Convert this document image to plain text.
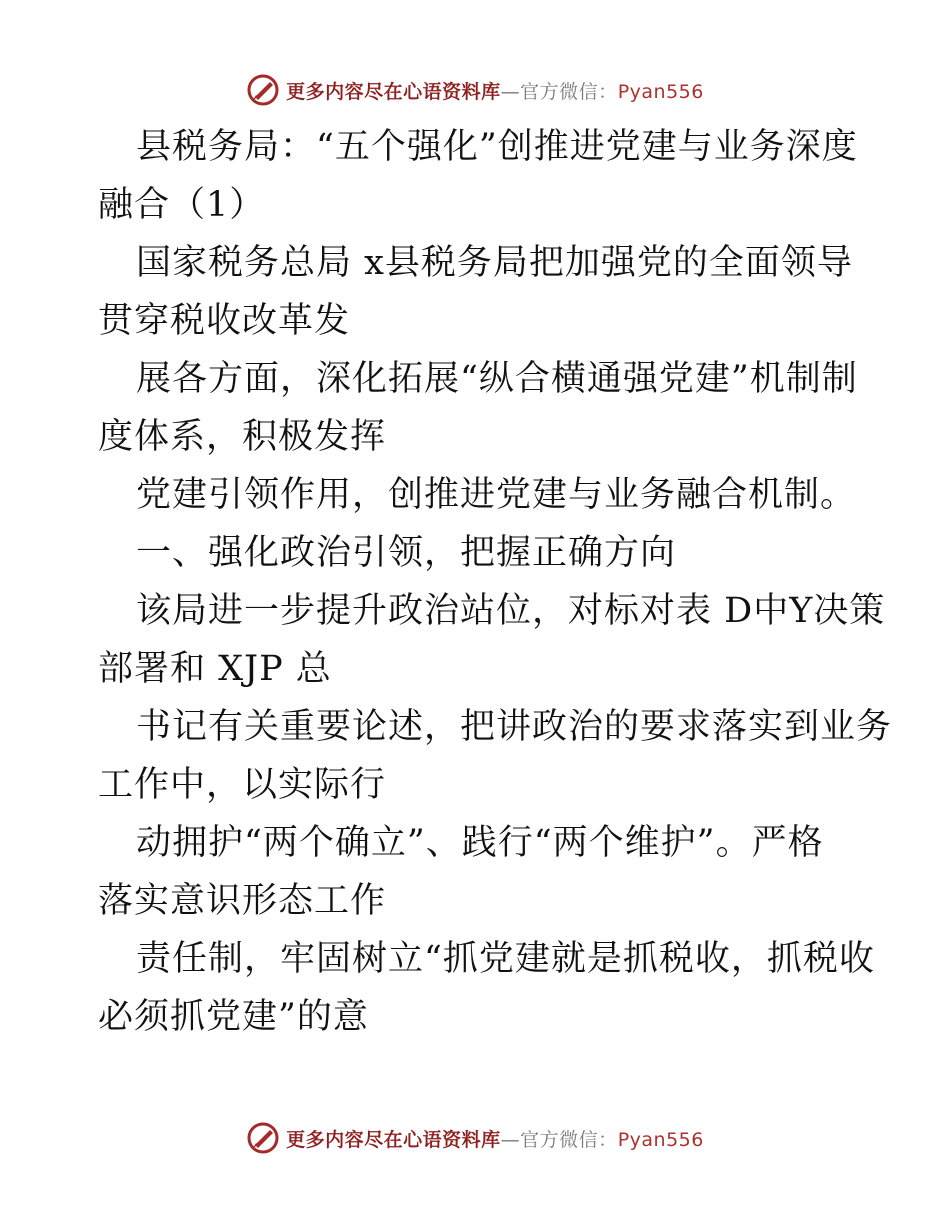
更多内容尽在心语资料库—官方微信：Pyan556
县税务局：“五个强化”创推进党建与业务深度
融合（1）
国家税务总局 x县税务局把加强党的全面领导
贯穿税收改革发
展各方面，深化拓展“纵合横通强党建”机制制
度体系，积极发挥
党建引领作用，创推进党建与业务融合机制。
一、强化政治引领，把握正确方向
该局进一步提升政治站位，对标对表 D中Y决策
部署和 XJP 总
书记有关重要论述，把讲政治的要求落实到业务
工作中，以实际行
动拥护“两个确立”、践行“两个维护”。严格
落实意识形态工作
责任制，牢固树立“抓党建就是抓税收，抓税收
必须抓党建”的意
更多内容尽在心语资料库—官方微信：Pyan556
